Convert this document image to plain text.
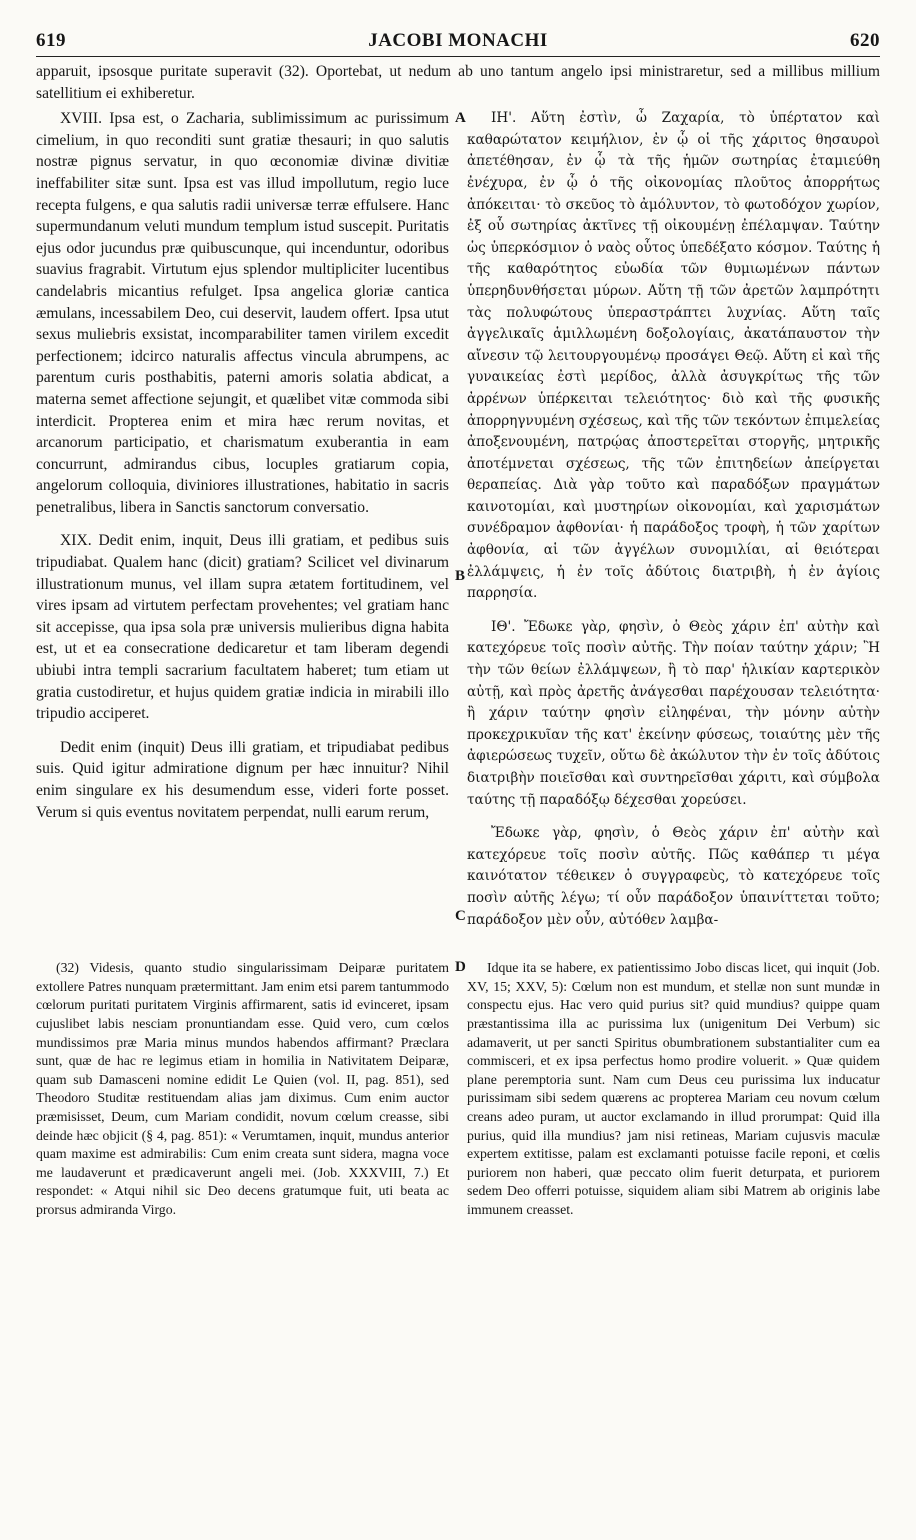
619	JACOBI MONACHI	620

apparuit, ipsosque puritate superavit (32). Oportebat, ut nedum ab uno tantum angelo ipsi ministraretur, sed a millibus millium satellitium ei exhiberetur.

XVIII. Ipsa est, o Zacharia, sublimissimum ac purissimum cimelium, in quo reconditi sunt gratiæ thesauri; in quo salutis nostræ pignus servatur, in quo œconomiæ divinæ divitiæ ineffabiliter sitæ sunt. Ipsa est vas illud impollutum, regio luce recepta fulgens, e qua salutis radii universæ terræ effulsere. Hanc supermundanum veluti mundum templum istud suscepit. Puritatis ejus odor jucundus præ quibuscunque, qui incenduntur, odoribus suavius fragrabit. Virtutum ejus splendor multipliciter lucentibus candelabris micantius refulget. Ipsa angelica gloriæ cantica æmulans, incessabilem Deo, cui deservit, laudem offert. Ipsa utut sexus muliebris exsistat, incomparabiliter tamen virilem excedit perfectionem; idcirco naturalis affectus vincula abrumpens, ac parentum curis posthabitis, paterni amoris solatia abdicat, a materna semet affectione sejungit, et quælibet vitæ commoda sibi interdicit. Propterea enim et mira hæc rerum novitas, et arcanorum participatio, et charismatum exuberantia in eam concurrunt, admirandus cibus, locuples gratiarum copia, angelorum colloquia, diviniores illustrationes, habitatio in sacris penetralibus, libera in Sanctis sanctorum conversatio.

XIX. Dedit enim, inquit, Deus illi gratiam, et pedibus suis tripudiabat. Qualem hanc (dicit) gratiam? Scilicet vel divinarum illustrationum munus, vel illam supra ætatem fortitudinem, vel vires ipsam ad virtutem perfectam provehentes; vel gratiam hanc sit accepisse, qua ipsa sola præ universis mulieribus digna habita est, ut et ea consecratione dedicaretur et tam liberam degendi ubiubi intra templi sacrarium facultatem haberet; tum etiam ut gratia custodiretur, et hujus quidem gratiæ indicia in mirabili illo tripudio acciperet.

Dedit enim (inquit) Deus illi gratiam, et tripudiabat pedibus suis. Quid igitur admiratione dignum per hæc innuitur? Nihil enim singulare ex his desumendum esse, videri forte posset. Verum si quis eventus novitatem perpendat, nulli earum rerum,

A
B
C

ΙΗ'. Αὕτη ἐστὶν, ὦ Ζαχαρία, τὸ ὑπέρτατον καὶ καθαρώτατον κειμήλιον, ἐν ᾧ οἱ τῆς χάριτος θησαυροὶ ἀπετέθησαν, ἐν ᾧ τὰ τῆς ἡμῶν σωτηρίας ἐταμιεύθη ἐνέχυρα, ἐν ᾧ ὁ τῆς οἰκονομίας πλοῦτος ἀπορρήτως ἀπόκειται· τὸ σκεῦος τὸ ἀμόλυντον, τὸ φωτοδόχον χωρίον, ἐξ οὗ σωτηρίας ἀκτῖνες τῇ οἰκουμένῃ ἐπέλαμψαν. Ταύτην ὡς ὑπερκόσμιον ὁ ναὸς οὗτος ὑπεδέξατο κόσμον. Ταύτης ἡ τῆς καθαρότητος εὐωδία τῶν θυμιωμένων πάντων ὑπερηδυνθήσεται μύρων. Αὕτη τῇ τῶν ἀρετῶν λαμπρότητι τὰς πολυφώτους ὑπεραστράπτει λυχνίας. Αὕτη ταῖς ἀγγελικαῖς ἁμιλλωμένη δοξολογίαις, ἀκατάπαυστον τὴν αἴνεσιν τῷ λειτουργουμένῳ προσάγει Θεῷ. Αὕτη εἰ καὶ τῆς γυναικείας ἐστὶ μερίδος, ἀλλὰ ἀσυγκρίτως τῆς τῶν ἀρρένων ὑπέρκειται τελειότητος· διὸ καὶ τῆς φυσικῆς ἀπορρηγνυμένη σχέσεως, καὶ τῆς τῶν τεκόντων ἐπιμελείας ἀποξενουμένη, πατρῴας ἀποστερεῖται στοργῆς, μητρικῆς ἀποτέμνεται σχέσεως, τῆς τῶν ἐπιτηδείων ἀπείργεται θεραπείας. Διὰ γὰρ τοῦτο καὶ παραδόξων πραγμάτων καινοτομίαι, καὶ μυστηρίων οἰκονομίαι, καὶ χαρισμάτων συνέδραμον ἀφθονίαι· ἡ παράδοξος τροφὴ, ἡ τῶν χαρίτων ἀφθονία, αἱ τῶν ἀγγέλων συνομιλίαι, αἱ θειότεραι ἐλλάμψεις, ἡ ἐν τοῖς ἀδύτοις διατριβὴ, ἡ ἐν ἁγίοις παρρησία.

ΙΘ'. Ἔδωκε γὰρ, φησὶν, ὁ Θεὸς χάριν ἐπ' αὐτὴν καὶ κατεχόρευε τοῖς ποσὶν αὐτῆς. Τὴν ποίαν ταύτην χάριν; Ἢ τὴν τῶν θείων ἐλλάμψεων, ἢ τὸ παρ' ἡλικίαν καρτερικὸν αὐτῇ, καὶ πρὸς ἀρετῆς ἀνάγεσθαι παρέχουσαν τελειότητα· ἢ χάριν ταύτην φησὶν εἰληφέναι, τὴν μόνην αὐτὴν προκεχρικυῖαν τῆς κατ' ἐκείνην φύσεως, τοιαύτης μὲν τῆς ἀφιερώσεως τυχεῖν, οὕτω δὲ ἀκώλυτον τὴν ἐν τοῖς ἀδύτοις διατριβὴν ποιεῖσθαι καὶ συντηρεῖσθαι χάριτι, καὶ σύμβολα ταύτης τῇ παραδόξῳ δέχεσθαι χορεύσει.

Ἔδωκε γὰρ, φησὶν, ὁ Θεὸς χάριν ἐπ' αὐτὴν καὶ κατεχόρευε τοῖς ποσὶν αὐτῆς. Πῶς καθάπερ τι μέγα καινότατον τέθεικεν ὁ συγγραφεὺς, τὸ κατεχόρευε τοῖς ποσὶν αὐτῆς λέγω; τί οὖν παράδοξον ὑπαινίττεται τοῦτο; παράδοξον μὲν οὖν, αὐτόθεν λαμβα-

(32) Videsis, quanto studio singularissimam Deiparæ puritatem extollere Patres nunquam prætermittant. Jam enim etsi parem tantummodo cœlorum puritati puritatem Virginis affirmarent, satis id evinceret, ipsam cujuslibet labis nesciam pronuntiandam esse. Quid vero, cum cœlos mundissimos præ Maria minus mundos habendos affirmant? Præclara sunt, quæ de hac re legimus etiam in homilia in Nativitatem Deiparæ, quam sub Damasceni nomine edidit Le Quien (vol. II, pag. 851), sed Theodoro Studitæ restituendam alias jam diximus. Cum enim auctor præmisisset, Deum, cum Mariam condidit, novum cœlum creasse, sibi deinde hæc objicit (§ 4, pag. 851): « Verumtamen, inquit, mundus anterior quam maxime est admirabilis: Cum enim creata sunt sidera, magna voce me laudaverunt et prædicaverunt angeli mei. (Job. XXXVIII, 7.) Et respondet: « Atqui nihil sic Deo decens gratumque fuit, uti beata ac prorsus admiranda Virgo.

D	Idque ita se habere, ex patientissimo Jobo discas licet, qui inquit (Job. XV, 15; XXV, 5): Cœlum non est mundum, et stellæ non sunt mundæ in conspectu ejus. Hac vero quid purius sit? quid mundius? quippe quam præstantissima illa ac purissima lux (unigenitum Dei Verbum) sic adamaverit, ut per sancti Spiritus obumbrationem substantialiter cum ea commisceri, et ex ipsa perfectus homo prodire voluerit. » Quæ quidem plane peremptoria sunt. Nam cum Deus ceu purissima lux inducatur purissimam sibi sedem quærens ac propterea Mariam ceu novum cœlum creans adeo puram, ut auctor exclamando in illud prorumpat: Quid illa purius, quid illa mundius? jam nisi retineas, Mariam cujusvis maculæ expertem extitisse, palam est exclamanti potuisse facile reponi, et cœlis puriorem non haberi, quæ peccato olim fuerit deturpata, et puriorem sedem Deo offerri potuisse, siquidem aliam sibi Matrem ab originis labe immunem creasset.
